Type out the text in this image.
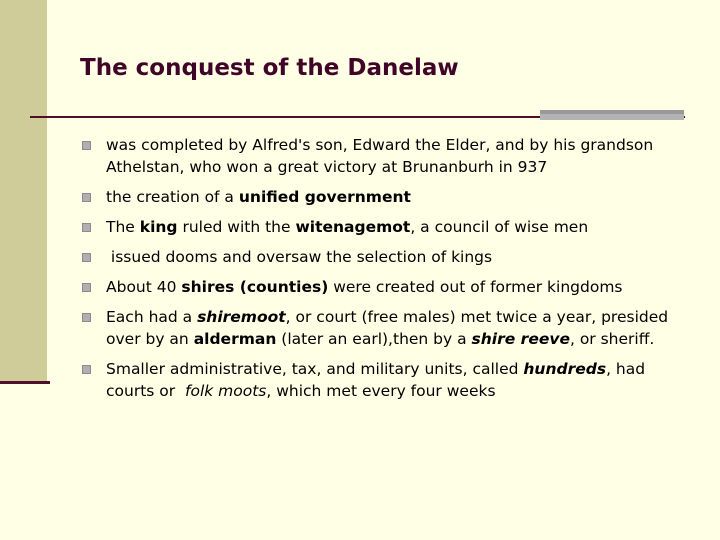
The conquest of the Danelaw
was completed by Alfred's son, Edward the Elder, and by his grandson Athelstan, who won a great victory at Brunanburh in 937
the creation of a unified government
The king ruled with the witenagemot, a council of wise men
issued dooms and oversaw the selection of kings
About 40 shires (counties) were created out of former kingdoms
Each had a shiremoot, or court (free males) met twice a year, presided over by an alderman (later an earl),then by a shire reeve, or sheriff.
Smaller administrative, tax, and military units, called hundreds, had courts or  folk moots, which met every four weeks
